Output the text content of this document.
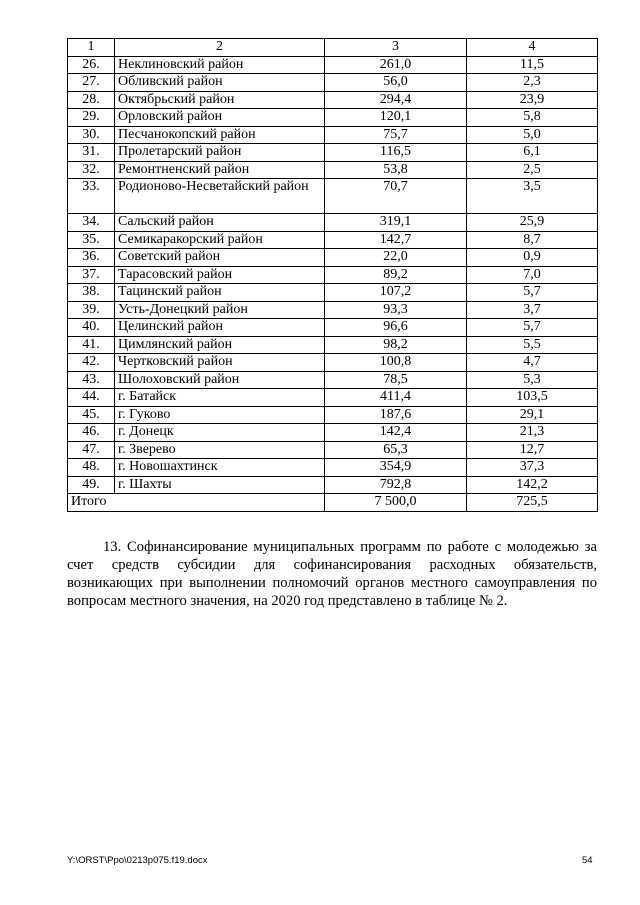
1	2	3	4
26.	Неклиновский район	261,0	11,5
27.	Обливский район	56,0	2,3
28.	Октябрьский район	294,4	23,9
29.	Орловский район	120,1	5,8
30.	Песчанокопский район	75,7	5,0
31.	Пролетарский район	116,5	6,1
32.	Ремонтненский район	53,8	2,5
33.	Родионово-Несветайский район	70,7	3,5
34.	Сальский район	319,1	25,9
35.	Семикаракорский район	142,7	8,7
36.	Советский район	22,0	0,9
37.	Тарасовский район	89,2	7,0
38.	Тацинский район	107,2	5,7
39.	Усть-Донецкий район	93,3	3,7
40.	Целинский район	96,6	5,7
41.	Цимлянский район	98,2	5,5
42.	Чертковский район	100,8	4,7
43.	Шолоховский район	78,5	5,3
44.	г. Батайск	411,4	103,5
45.	г. Гуково	187,6	29,1
46.	г. Донецк	142,4	21,3
47.	г. Зверево	65,3	12,7
48.	г. Новошахтинск	354,9	37,3
49.	г. Шахты	792,8	142,2
Итого		7 500,0	725,5
13. Софинансирование муниципальных программ по работе с молодежью за счет средств субсидии для софинансирования расходных обязательств, возникающих при выполнении полномочий органов местного самоуправления по вопросам местного значения, на 2020 год представлено в таблице № 2.
Y:\ORST\Ppo\0213p075.f19.docx	54
